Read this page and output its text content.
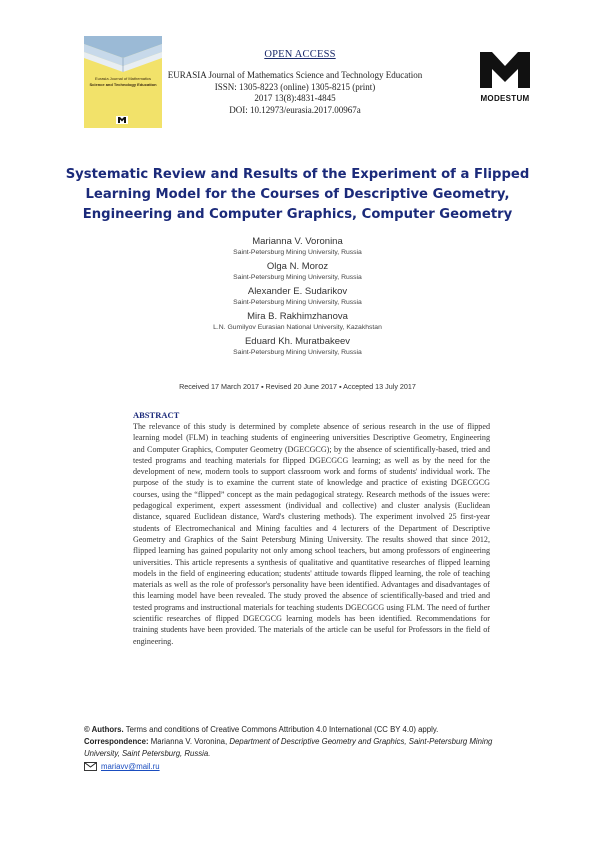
Eurasia Journal of Mathematics
Science and Technology Education
OPEN ACCESS
EURASIA Journal of Mathematics Science and Technology Education
ISSN: 1305-8223 (online) 1305-8215 (print)
2017 13(8):4831-4845
DOI: 10.12973/eurasia.2017.00967a
MODESTUM
Systematic Review and Results of the Experiment of a Flipped
Learning Model for the Courses of Descriptive Geometry,
Engineering and Computer Graphics, Computer Geometry
Marianna V. Voronina
Saint-Petersburg Mining University, Russia
Olga N. Moroz
Saint-Petersburg Mining University, Russia
Alexander E. Sudarikov
Saint-Petersburg Mining University, Russia
Mira B. Rakhimzhanova
L.N. Gumilyov Eurasian National University, Kazakhstan
Eduard Kh. Muratbakeev
Saint-Petersburg Mining University, Russia
Received 17 March 2017 ▪ Revised 20 June 2017 ▪ Accepted 13 July 2017
ABSTRACT
The relevance of this study is determined by complete absence of serious research in the use of flipped learning model (FLM) in teaching students of engineering universities Descriptive Geometry, Engineering and Computer Graphics, Computer Geometry (DGECGCG); by the absence of scientifically-based, tried and tested programs and teaching materials for flipped DGECGCG learning; as well as by the need for the development of new, modern tools to support classroom work and forms of students' individual work. The purpose of the study is to examine the current state of knowledge and practice of existing DGECGCG courses, using the “flipped” concept as the main pedagogical strategy. Research methods of the issues were: pedagogical experiment, expert assessment (individual and collective) and cluster analysis (Euclidean distance, squared Euclidean distance, Ward's clustering methods). The experiment involved 25 first-year students of Electromechanical and Mining faculties and 4 lecturers of the Department of Descriptive Geometry and Graphics of the Saint Petersburg Mining University. The results showed that since 2012, flipped learning has gained popularity not only among school teachers, but among professors of engineering universities. This article represents a synthesis of qualitative and quantitative researches of flipped learning models in the field of engineering education; students' attitude towards flipped learning, the role of teaching materials as well as the role of professor's personality have been identified. Advantages and disadvantages of this learning model have been revealed. The study proved the absence of scientifically-based and tried and tested programs and instructional materials for teaching students DGECGCG using FLM. The need of further scientific researches of flipped DGECGCG learning models has been identified. Recommendations for training students have been provided. The materials of the article can be useful for Professors in the field of engineering.
© Authors. Terms and conditions of Creative Commons Attribution 4.0 International (CC BY 4.0) apply.
Correspondence: Marianna V. Voronina, Department of Descriptive Geometry and Graphics, Saint-Petersburg Mining University, Saint Petersburg, Russia.
mariavv@mail.ru
